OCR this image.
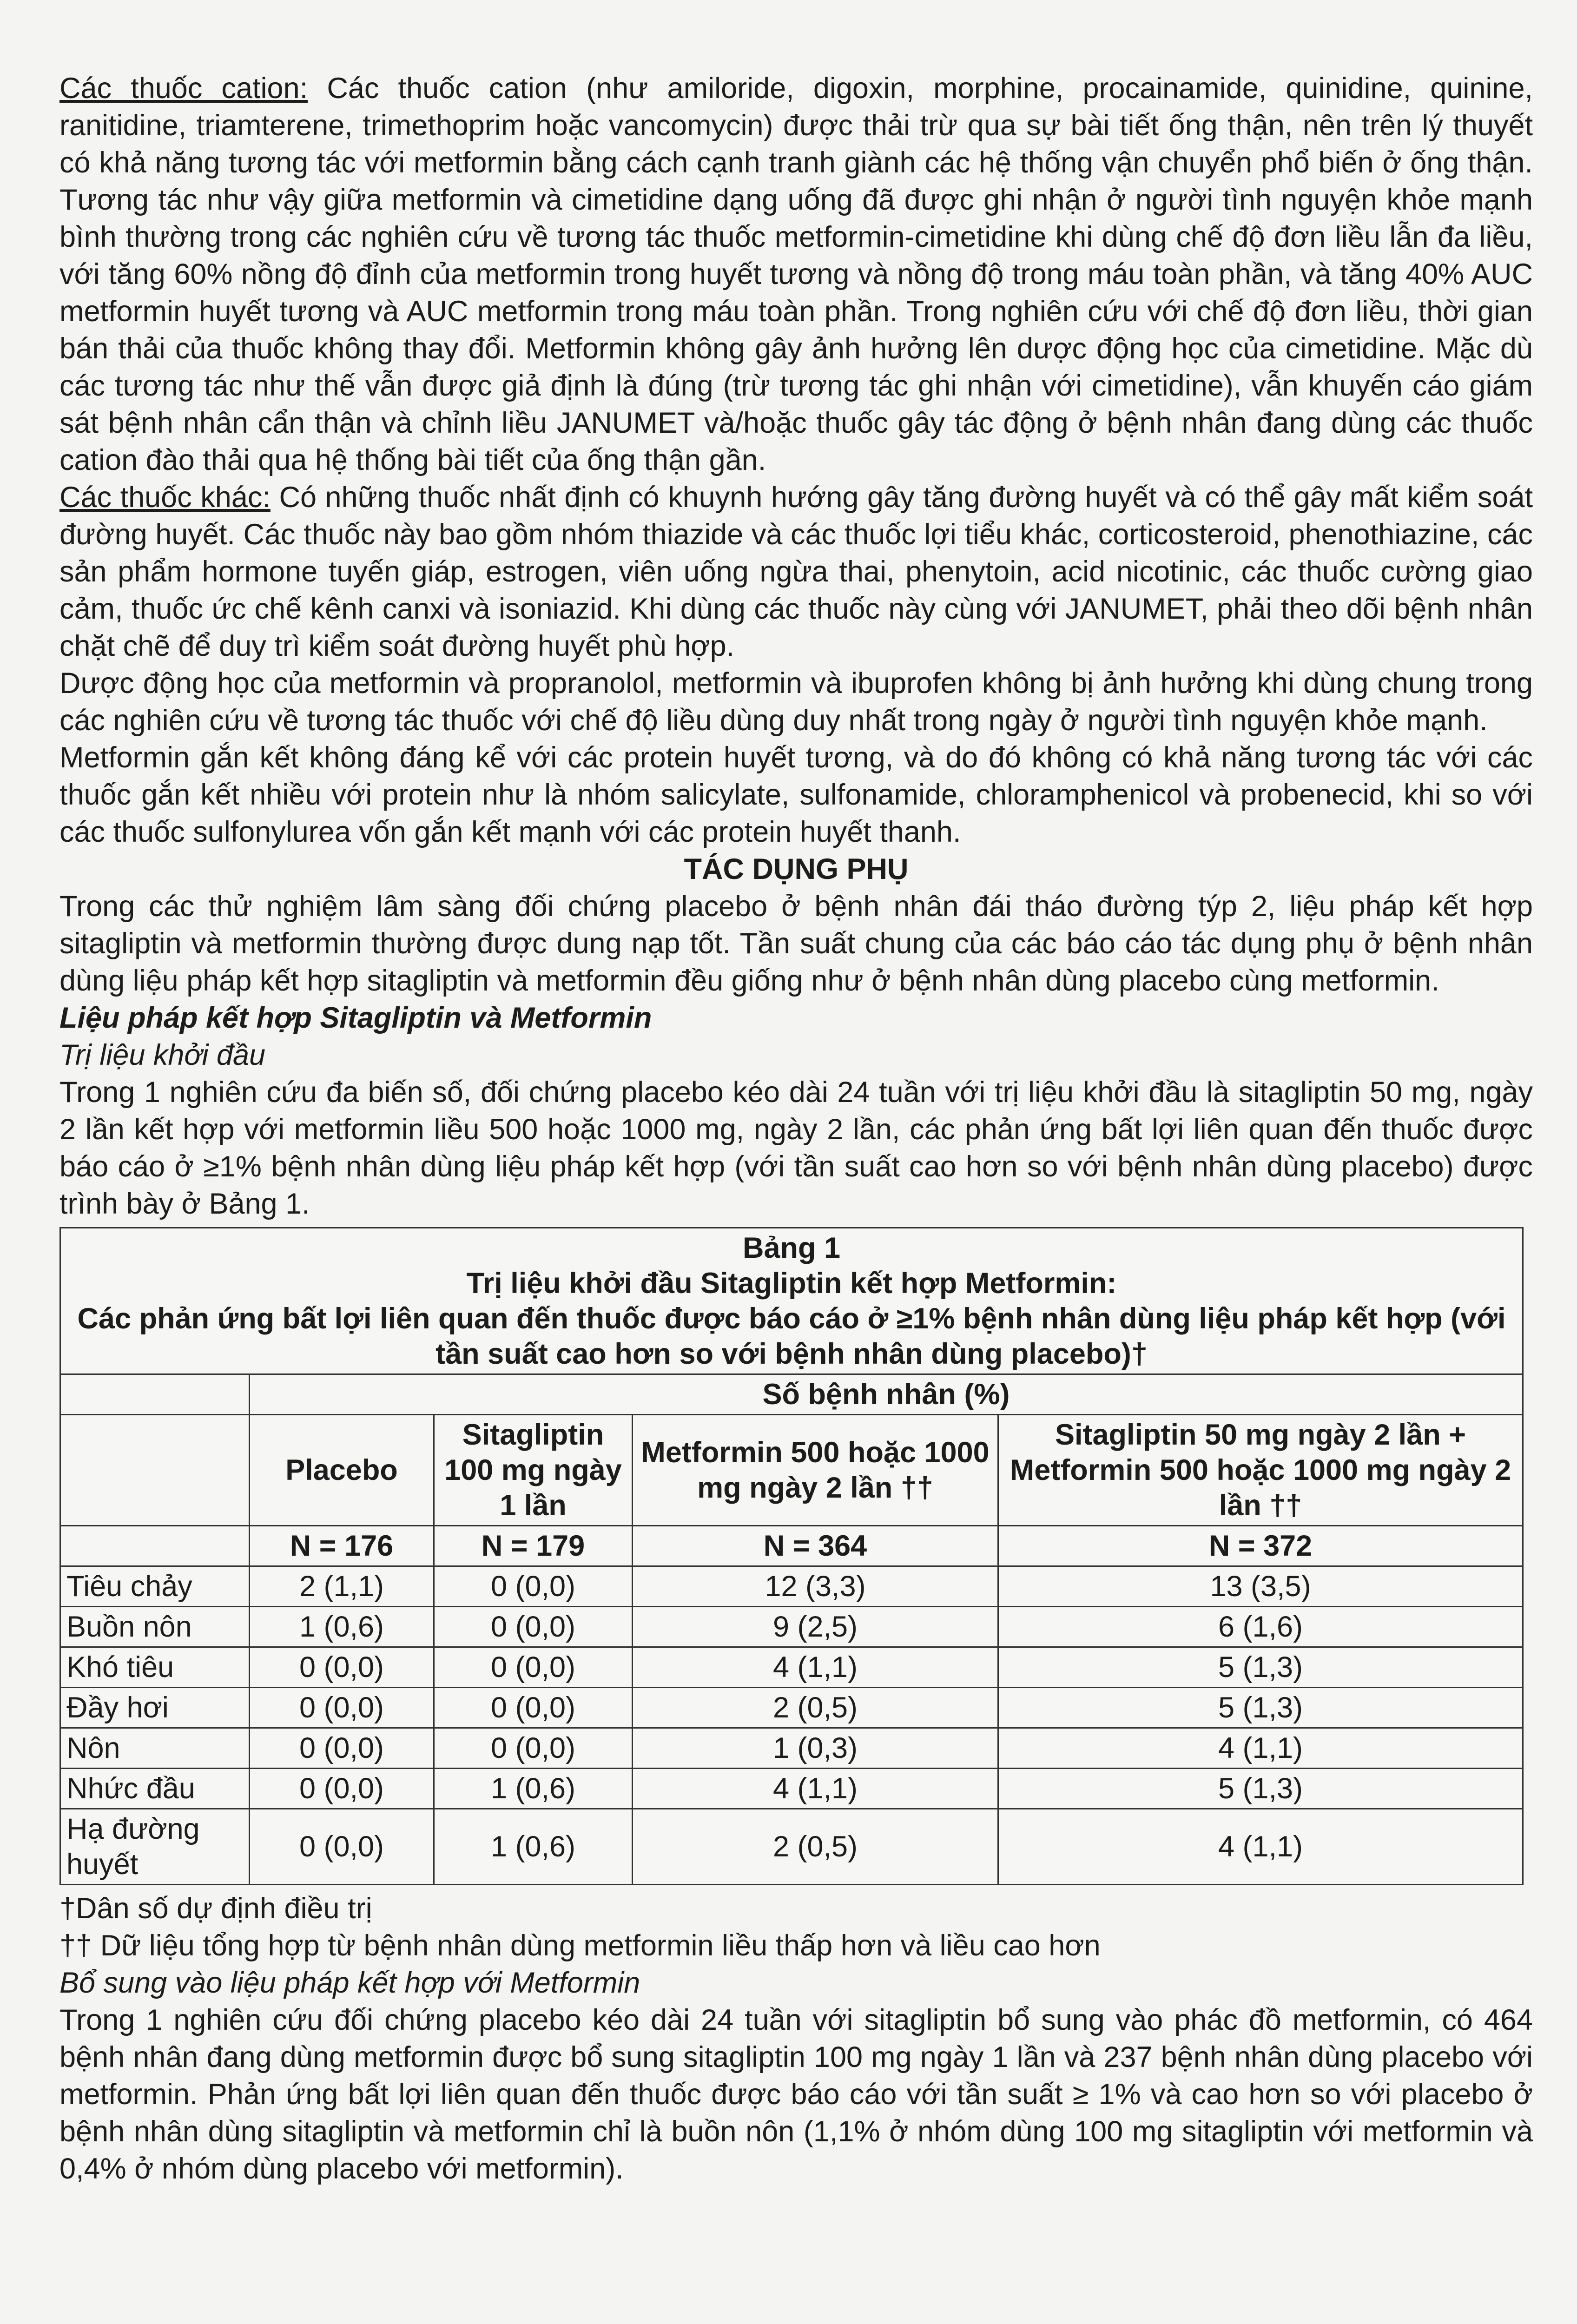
Các thuốc cation: Các thuốc cation (như amiloride, digoxin, morphine, procainamide, quinidine, quinine, ranitidine, triamterene, trimethoprim hoặc vancomycin) được thải trừ qua sự bài tiết ống thận, nên trên lý thuyết có khả năng tương tác với metformin bằng cách cạnh tranh giành các hệ thống vận chuyển phổ biến ở ống thận. Tương tác như vậy giữa metformin và cimetidine dạng uống đã được ghi nhận ở người tình nguyện khỏe mạnh bình thường trong các nghiên cứu về tương tác thuốc metformin-cimetidine khi dùng chế độ đơn liều lẫn đa liều, với tăng 60% nồng độ đỉnh của metformin trong huyết tương và nồng độ trong máu toàn phần, và tăng 40% AUC metformin huyết tương và AUC metformin trong máu toàn phần. Trong nghiên cứu với chế độ đơn liều, thời gian bán thải của thuốc không thay đổi. Metformin không gây ảnh hưởng lên dược động học của cimetidine. Mặc dù các tương tác như thế vẫn được giả định là đúng (trừ tương tác ghi nhận với cimetidine), vẫn khuyến cáo giám sát bệnh nhân cẩn thận và chỉnh liều JANUMET và/hoặc thuốc gây tác động ở bệnh nhân đang dùng các thuốc cation đào thải qua hệ thống bài tiết của ống thận gần.

Các thuốc khác: Có những thuốc nhất định có khuynh hướng gây tăng đường huyết và có thể gây mất kiểm soát đường huyết. Các thuốc này bao gồm nhóm thiazide và các thuốc lợi tiểu khác, corticosteroid, phenothiazine, các sản phẩm hormone tuyến giáp, estrogen, viên uống ngừa thai, phenytoin, acid nicotinic, các thuốc cường giao cảm, thuốc ức chế kênh canxi và isoniazid. Khi dùng các thuốc này cùng với JANUMET, phải theo dõi bệnh nhân chặt chẽ để duy trì kiểm soát đường huyết phù hợp.

Dược động học của metformin và propranolol, metformin và ibuprofen không bị ảnh hưởng khi dùng chung trong các nghiên cứu về tương tác thuốc với chế độ liều dùng duy nhất trong ngày ở người tình nguyện khỏe mạnh.

Metformin gắn kết không đáng kể với các protein huyết tương, và do đó không có khả năng tương tác với các thuốc gắn kết nhiều với protein như là nhóm salicylate, sulfonamide, chloramphenicol và probenecid, khi so với các thuốc sulfonylurea vốn gắn kết mạnh với các protein huyết thanh.

TÁC DỤNG PHỤ

Trong các thử nghiệm lâm sàng đối chứng placebo ở bệnh nhân đái tháo đường týp 2, liệu pháp kết hợp sitagliptin và metformin thường được dung nạp tốt. Tần suất chung của các báo cáo tác dụng phụ ở bệnh nhân dùng liệu pháp kết hợp sitagliptin và metformin đều giống như ở bệnh nhân dùng placebo cùng metformin.

Liệu pháp kết hợp Sitagliptin và Metformin

Trị liệu khởi đầu

Trong 1 nghiên cứu đa biến số, đối chứng placebo kéo dài 24 tuần với trị liệu khởi đầu là sitagliptin 50 mg, ngày 2 lần kết hợp với metformin liều 500 hoặc 1000 mg, ngày 2 lần, các phản ứng bất lợi liên quan đến thuốc được báo cáo ở ≥1% bệnh nhân dùng liệu pháp kết hợp (với tần suất cao hơn so với bệnh nhân dùng placebo) được trình bày ở Bảng 1.

Bảng 1
Trị liệu khởi đầu Sitagliptin kết hợp Metformin:
Các phản ứng bất lợi liên quan đến thuốc được báo cáo ở ≥1% bệnh nhân dùng liệu pháp kết hợp (với tần suất cao hơn so với bệnh nhân dùng placebo)†				

	Số bệnh nhân (%)			
	Placebo	Sitagliptin 100 mg ngày 1 lần	Metformin 500 hoặc 1000 mg ngày 2 lần ††	Sitagliptin 50 mg ngày 2 lần + Metformin 500 hoặc 1000 mg ngày 2 lần ††
	N = 176	N = 179	N = 364	N = 372
Tiêu chảy	2 (1,1)	0 (0,0)	12 (3,3)	13 (3,5)
Buồn nôn	1 (0,6)	0 (0,0)	9 (2,5)	6 (1,6)
Khó tiêu	0 (0,0)	0 (0,0)	4 (1,1)	5 (1,3)
Đầy hơi	0 (0,0)	0 (0,0)	2 (0,5)	5 (1,3)
Nôn	0 (0,0)	0 (0,0)	1 (0,3)	4 (1,1)
Nhức đầu	0 (0,0)	1 (0,6)	4 (1,1)	5 (1,3)
Hạ đường huyết	0 (0,0)	1 (0,6)	2 (0,5)	4 (1,1)

†Dân số dự định điều trị

†† Dữ liệu tổng hợp từ bệnh nhân dùng metformin liều thấp hơn và liều cao hơn

Bổ sung vào liệu pháp kết hợp với Metformin

Trong 1 nghiên cứu đối chứng placebo kéo dài 24 tuần với sitagliptin bổ sung vào phác đồ metformin, có 464 bệnh nhân đang dùng metformin được bổ sung sitagliptin 100 mg ngày 1 lần và 237 bệnh nhân dùng placebo với metformin. Phản ứng bất lợi liên quan đến thuốc được báo cáo với tần suất ≥ 1% và cao hơn so với placebo ở bệnh nhân dùng sitagliptin và metformin chỉ là buồn nôn (1,1% ở nhóm dùng 100 mg sitagliptin với metformin và 0,4% ở nhóm dùng placebo với metformin).
